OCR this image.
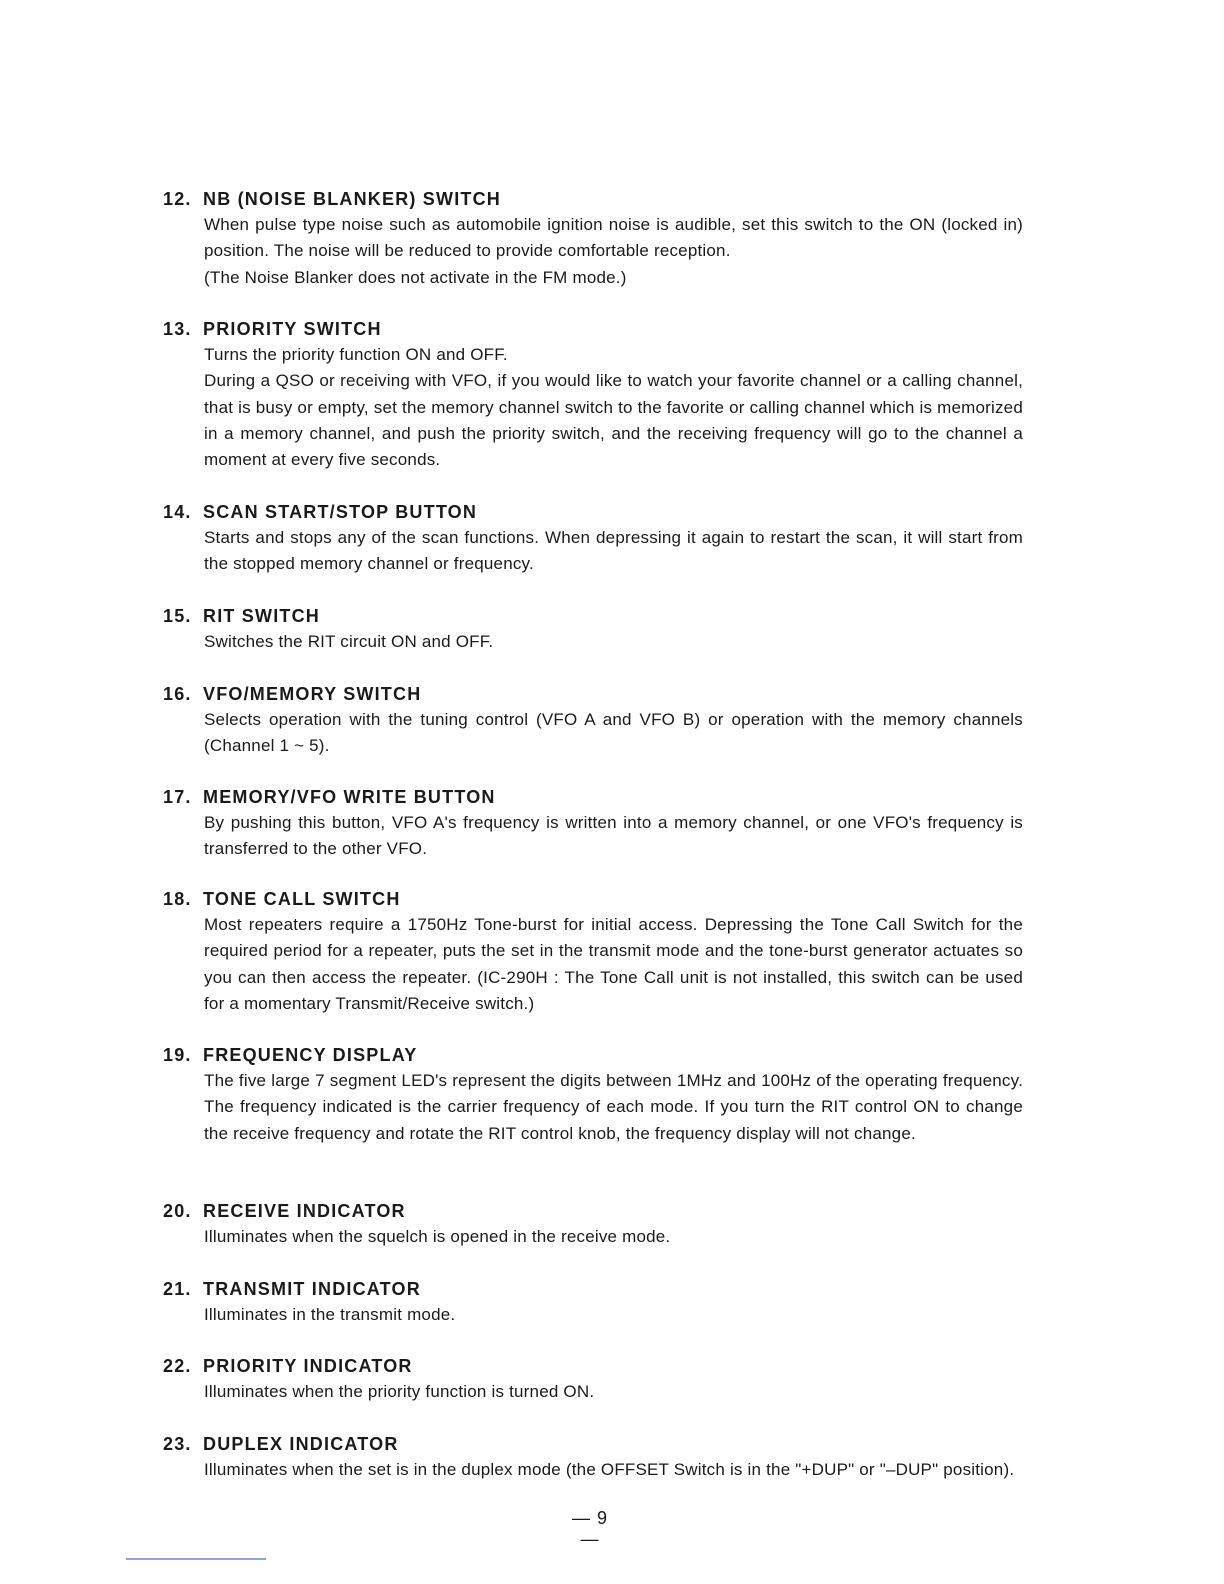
12. NB (NOISE BLANKER) SWITCH

When pulse type noise such as automobile ignition noise is audible, set this switch to the ON (locked in) position. The noise will be reduced to provide comfortable reception.

(The Noise Blanker does not activate in the FM mode.)

13. PRIORITY SWITCH

Turns the priority function ON and OFF.

During a QSO or receiving with VFO, if you would like to watch your favorite channel or a calling channel, that is busy or empty, set the memory channel switch to the favorite or calling channel which is memorized in a memory channel, and push the priority switch, and the receiving frequency will go to the channel a moment at every five seconds.

14. SCAN START/STOP BUTTON

Starts and stops any of the scan functions. When depressing it again to restart the scan, it will start from the stopped memory channel or frequency.

15. RIT SWITCH

Switches the RIT circuit ON and OFF.

16. VFO/MEMORY SWITCH

Selects operation with the tuning control (VFO A and VFO B) or operation with the memory channels (Channel 1 ~ 5).

17. MEMORY/VFO WRITE BUTTON

By pushing this button, VFO A's frequency is written into a memory channel, or one VFO's frequency is transferred to the other VFO.

18. TONE CALL SWITCH

Most repeaters require a 1750Hz Tone-burst for initial access. Depressing the Tone Call Switch for the required period for a repeater, puts the set in the transmit mode and the tone-burst generator actuates so you can then access the repeater. (IC-290H : The Tone Call unit is not installed, this switch can be used for a momentary Transmit/Receive switch.)

19. FREQUENCY DISPLAY

The five large 7 segment LED's represent the digits between 1MHz and 100Hz of the operating frequency. The frequency indicated is the carrier frequency of each mode. If you turn the RIT control ON to change the receive frequency and rotate the RIT control knob, the frequency display will not change.

20. RECEIVE INDICATOR

Illuminates when the squelch is opened in the receive mode.

21. TRANSMIT INDICATOR

Illuminates in the transmit mode.

22. PRIORITY INDICATOR

Illuminates when the priority function is turned ON.

23. DUPLEX INDICATOR

Illuminates when the set is in the duplex mode (the OFFSET Switch is in the "+DUP" or "–DUP" position).

— 9 —
